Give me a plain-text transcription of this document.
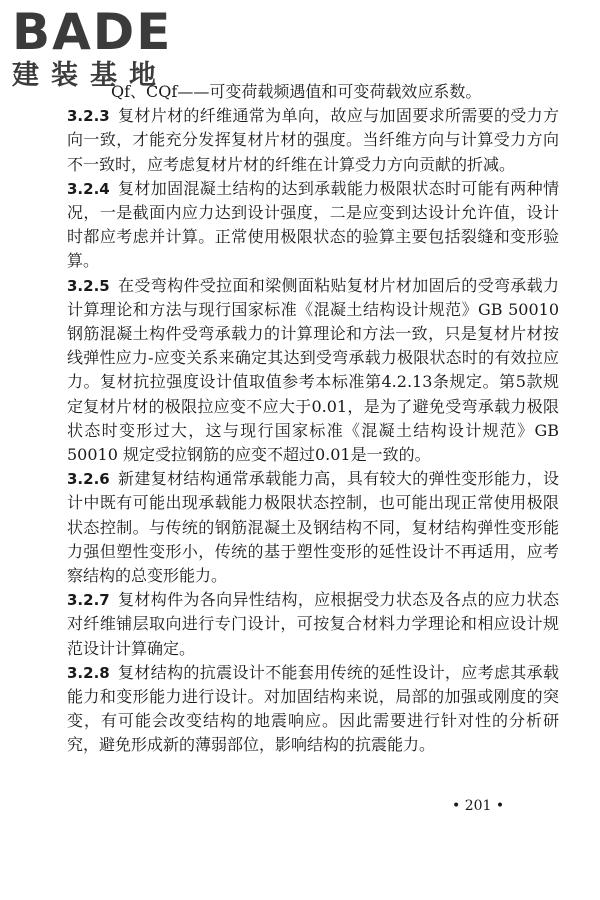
BADE
建装基地

Qf、CQf——可变荷载频遇值和可变荷载效应系数。

3.2.3 复材片材的纤维通常为单向，故应与加固要求所需要的受力方向一致，才能充分发挥复材片材的强度。当纤维方向与计算受力方向不一致时，应考虑复材片材的纤维在计算受力方向贡献的折减。

3.2.4 复材加固混凝土结构的达到承载能力极限状态时可能有两种情况，一是截面内应力达到设计强度，二是应变到达设计允许值，设计时都应考虑并计算。正常使用极限状态的验算主要包括裂缝和变形验算。

3.2.5 在受弯构件受拉面和梁侧面粘贴复材片材加固后的受弯承载力计算理论和方法与现行国家标准《混凝土结构设计规范》GB 50010 钢筋混凝土构件受弯承载力的计算理论和方法一致，只是复材片材按线弹性应力-应变关系来确定其达到受弯承载力极限状态时的有效拉应力。复材抗拉强度设计值取值参考本标准第4.2.13条规定。第5款规定复材片材的极限拉应变不应大于0.01，是为了避免受弯承载力极限状态时变形过大，这与现行国家标准《混凝土结构设计规范》GB 50010 规定受拉钢筋的应变不超过0.01是一致的。

3.2.6 新建复材结构通常承载能力高，具有较大的弹性变形能力，设计中既有可能出现承载能力极限状态控制，也可能出现正常使用极限状态控制。与传统的钢筋混凝土及钢结构不同，复材结构弹性变形能力强但塑性变形小，传统的基于塑性变形的延性设计不再适用，应考察结构的总变形能力。

3.2.7 复材构件为各向异性结构，应根据受力状态及各点的应力状态对纤维铺层取向进行专门设计，可按复合材料力学理论和相应设计规范设计计算确定。

3.2.8 复材结构的抗震设计不能套用传统的延性设计，应考虑其承载能力和变形能力进行设计。对加固结构来说，局部的加强或刚度的突变，有可能会改变结构的地震响应。因此需要进行针对性的分析研究，避免形成新的薄弱部位，影响结构的抗震能力。

• 201 •
